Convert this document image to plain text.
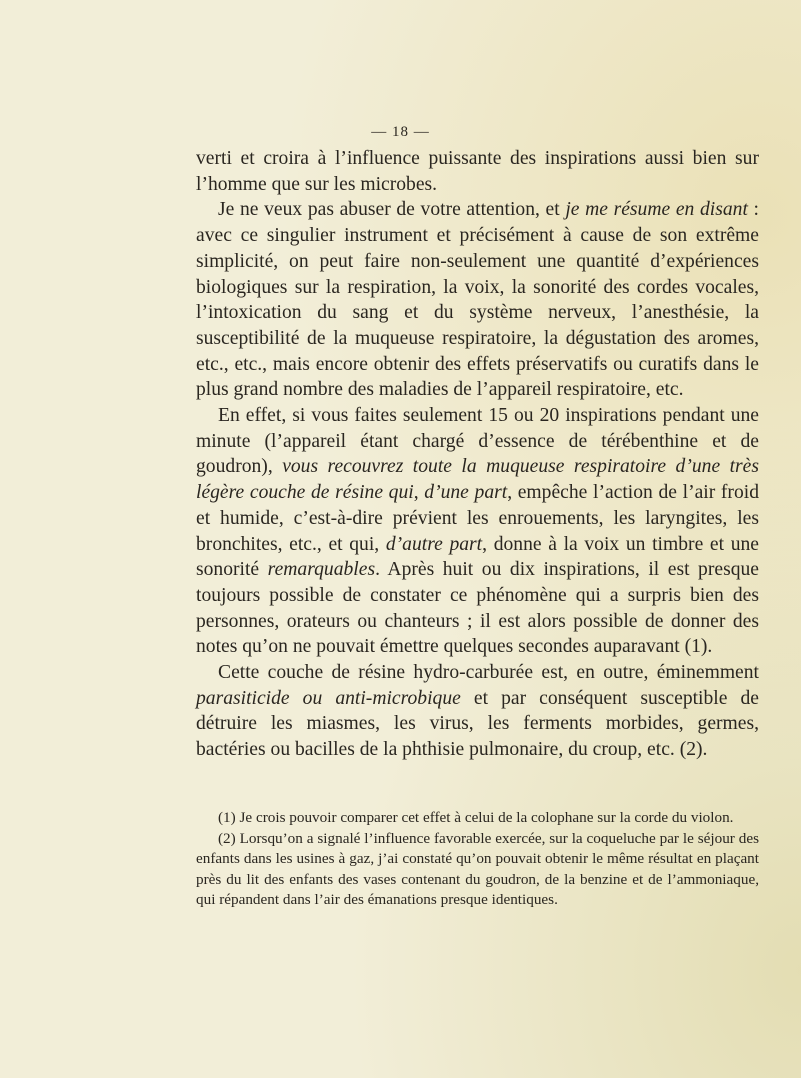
— 18 —

verti et croira à l’influence puissante des inspirations aussi bien sur l’homme que sur les microbes.

Je ne veux pas abuser de votre attention, et je me résume en disant : avec ce singulier instrument et précisément à cause de son extrême simplicité, on peut faire non-seulement une quantité d’expériences biologiques sur la respiration, la voix, la sonorité des cordes vocales, l’intoxication du sang et du système nerveux, l’anesthésie, la susceptibilité de la muqueuse respiratoire, la dégustation des aromes, etc., etc., mais encore obtenir des effets préservatifs ou curatifs dans le plus grand nombre des maladies de l’appareil respiratoire, etc.

En effet, si vous faites seulement 15 ou 20 inspirations pendant une minute (l’appareil étant chargé d’essence de térébenthine et de goudron), vous recouvrez toute la muqueuse respiratoire d’une très légère couche de résine qui, d’une part, empêche l’action de l’air froid et humide, c’est-à-dire prévient les enrouements, les laryngites, les bronchites, etc., et qui, d’autre part, donne à la voix un timbre et une sonorité remarquables. Après huit ou dix inspirations, il est presque toujours possible de constater ce phénomène qui a surpris bien des personnes, orateurs ou chanteurs ; il est alors possible de donner des notes qu’on ne pouvait émettre quelques secondes auparavant (1).

Cette couche de résine hydro-carburée est, en outre, éminemment parasiticide ou anti-microbique et par conséquent susceptible de détruire les miasmes, les virus, les ferments morbides, germes, bactéries ou bacilles de la phthisie pulmonaire, du croup, etc. (2).

(1) Je crois pouvoir comparer cet effet à celui de la colophane sur la corde du violon.

(2) Lorsqu’on a signalé l’influence favorable exercée, sur la coqueluche par le séjour des enfants dans les usines à gaz, j’ai constaté qu’on pouvait obtenir le même résultat en plaçant près du lit des enfants des vases contenant du goudron, de la benzine et de l’ammoniaque, qui répandent dans l’air des émanations presque identiques.
